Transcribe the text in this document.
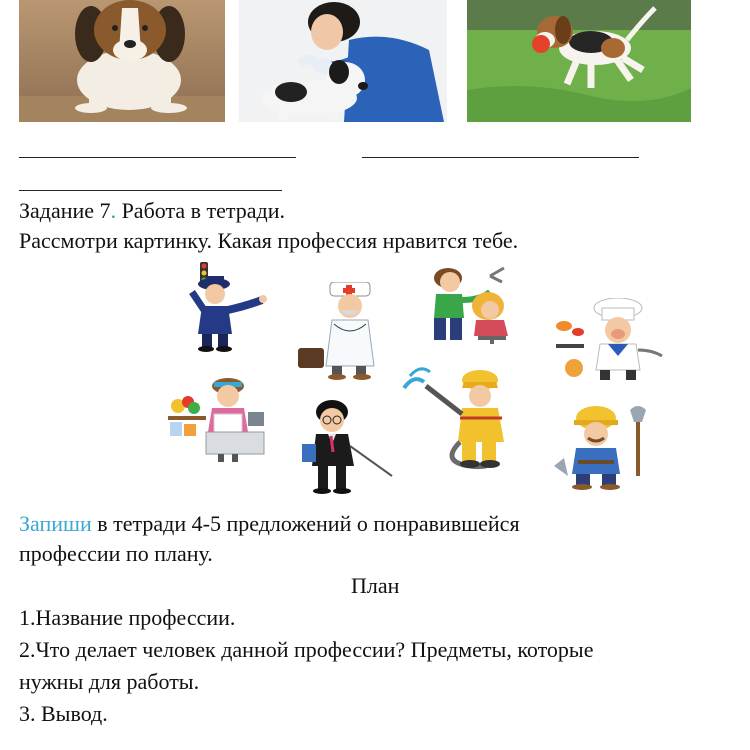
Задание 7. Работа в тетради.
Рассмотри картинку. Какая профессия нравится тебе.
Запиши в тетради 4-5 предложений о понравившейся
профессии по плану.
План
1.Название профессии.
2.Что делает человек данной профессии? Предметы, которые
нужны для работы.
3. Вывод.
